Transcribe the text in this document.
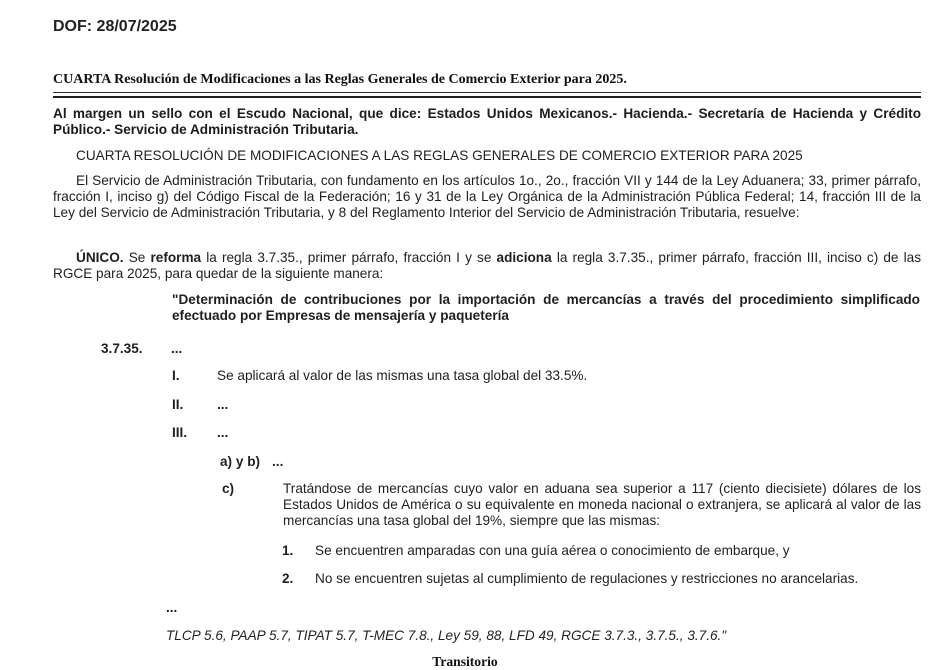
DOF: 28/07/2025
CUARTA Resolución de Modificaciones a las Reglas Generales de Comercio Exterior para 2025.
Al margen un sello con el Escudo Nacional, que dice: Estados Unidos Mexicanos.- Hacienda.- Secretaría de Hacienda y Crédito Público.- Servicio de Administración Tributaria.
CUARTA RESOLUCIÓN DE MODIFICACIONES A LAS REGLAS GENERALES DE COMERCIO EXTERIOR PARA 2025
El Servicio de Administración Tributaria, con fundamento en los artículos 1o., 2o., fracción VII y 144 de la Ley Aduanera; 33, primer párrafo, fracción I, inciso g) del Código Fiscal de la Federación; 16 y 31 de la Ley Orgánica de la Administración Pública Federal; 14, fracción III de la Ley del Servicio de Administración Tributaria, y 8 del Reglamento Interior del Servicio de Administración Tributaria, resuelve:
ÚNICO. Se reforma la regla 3.7.35., primer párrafo, fracción I y se adiciona la regla 3.7.35., primer párrafo, fracción III, inciso c) de las RGCE para 2025, para quedar de la siguiente manera:
"Determinación de contribuciones por la importación de mercancías a través del procedimiento simplificado efectuado por Empresas de mensajería y paquetería
3.7.35. ...
I.	Se aplicará al valor de las mismas una tasa global del 33.5%.
II. ...
III. ...
a) y b) ...
c)	Tratándose de mercancías cuyo valor en aduana sea superior a 117 (ciento diecisiete) dólares de los Estados Unidos de América o su equivalente en moneda nacional o extranjera, se aplicará al valor de las mercancías una tasa global del 19%, siempre que las mismas:
1. Se encuentren amparadas con una guía aérea o conocimiento de embarque, y
2. No se encuentren sujetas al cumplimiento de regulaciones y restricciones no arancelarias.
...
TLCP 5.6, PAAP 5.7, TIPAT 5.7, T-MEC 7.8., Ley 59, 88, LFD 49, RGCE 3.7.3., 3.7.5., 3.7.6."
Transitorio
